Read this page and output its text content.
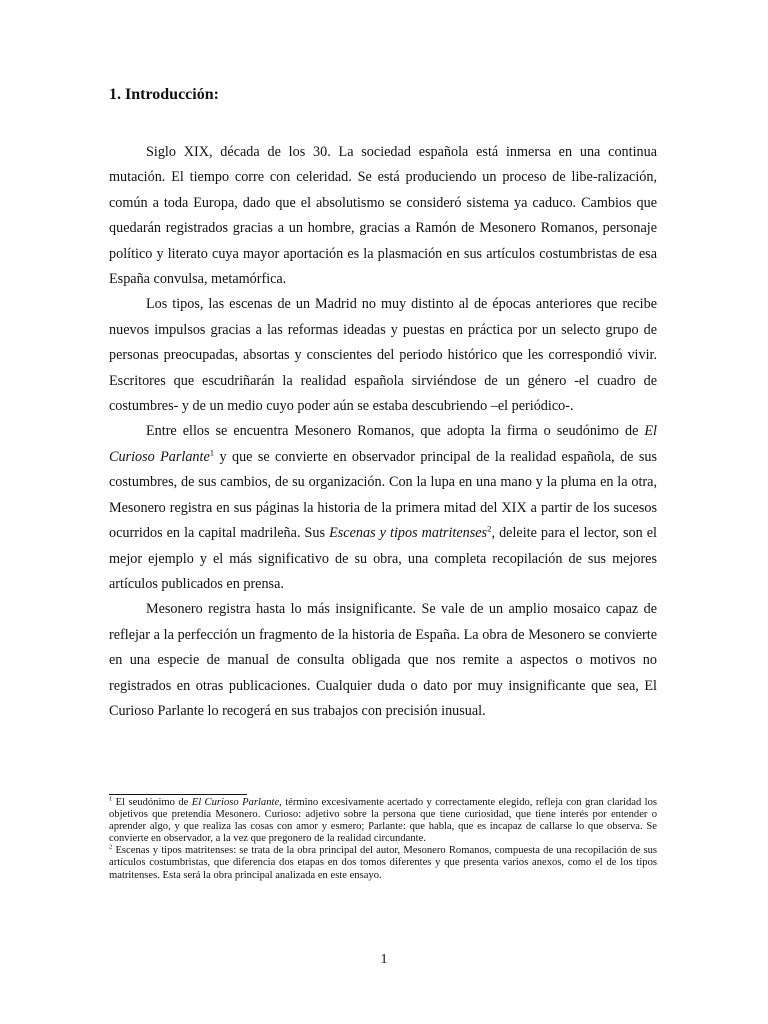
1. Introducción:

Siglo XIX, década de los 30. La sociedad española está inmersa en una continua mutación. El tiempo corre con celeridad. Se está produciendo un proceso de libe-ralización, común a toda Europa, dado que el absolutismo se consideró sistema ya caduco. Cambios que quedarán registrados gracias a un hombre, gracias a Ramón de Mesonero Romanos, personaje político y literato cuya mayor aportación es la plasmación en sus artículos costumbristas de esa España convulsa, metamórfica.

Los tipos, las escenas de un Madrid no muy distinto al de épocas anteriores que recibe nuevos impulsos gracias a las reformas ideadas y puestas en práctica por un selecto grupo de personas preocupadas, absortas y conscientes del periodo histórico que les correspondió vivir. Escritores que escudriñarán la realidad española sirviéndose de un género -el cuadro de costumbres- y de un medio cuyo poder aún se estaba descubriendo –el periódico-.

Entre ellos se encuentra Mesonero Romanos, que adopta la firma o seudónimo de El Curioso Parlante$^1$ y que se convierte en observador principal de la realidad española, de sus costumbres, de sus cambios, de su organización. Con la lupa en una mano y la pluma en la otra, Mesonero registra en sus páginas la historia de la primera mitad del XIX a partir de los sucesos ocurridos en la capital madrileña. Sus Escenas y tipos matritenses$^2$, deleite para el lector, son el mejor ejemplo y el más significativo de su obra, una completa recopilación de sus mejores artículos publicados en prensa.

Mesonero registra hasta lo más insignificante. Se vale de un amplio mosaico capaz de reflejar a la perfección un fragmento de la historia de España. La obra de Mesonero se convierte en una especie de manual de consulta obligada que nos remite a aspectos o motivos no registrados en otras publicaciones. Cualquier duda o dato por muy insignificante que sea, El Curioso Parlante lo recogerá en sus trabajos con precisión inusual.

$^1$ El seudónimo de El Curioso Parlante, término excesivamente acertado y correctamente elegido, refleja con gran claridad los objetivos que pretendía Mesonero. Curioso: adjetivo sobre la persona que tiene curiosidad, que tiene interés por entender o aprender algo, y que realiza las cosas con amor y esmero; Parlante: que habla, que es incapaz de callarse lo que observa. Se convierte en observador, a la vez que pregonero de la realidad circundante.

$^2$ Escenas y tipos matritenses: se trata de la obra principal del autor, Mesonero Romanos, compuesta de una recopilación de sus artículos costumbristas, que diferencia dos etapas en dos tomos diferentes y que presenta varios anexos, como el de los tipos matritenses. Esta será la obra principal analizada en este ensayo.

1
